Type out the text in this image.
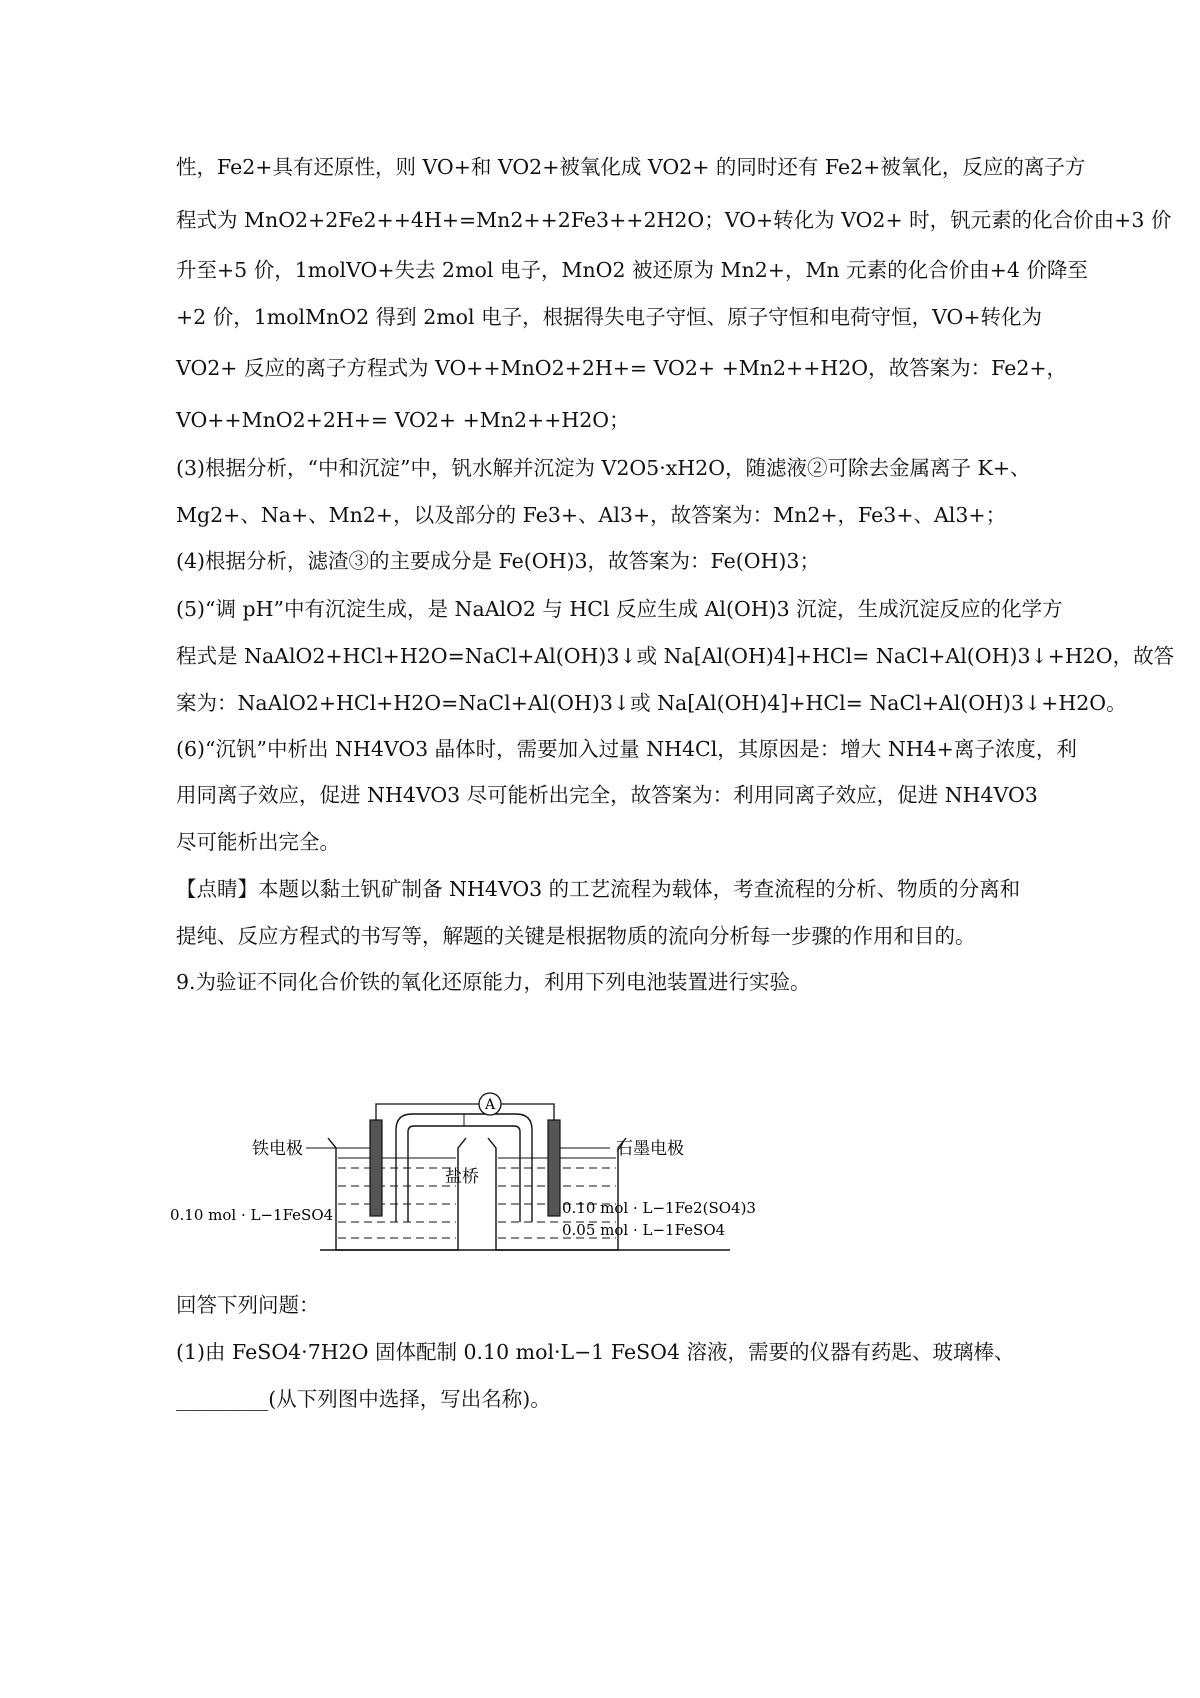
性，Fe2+具有还原性，则 VO+和 VO2+被氧化成 VO2+ 的同时还有 Fe2+被氧化，反应的离子方
程式为 MnO2+2Fe2++4H+=Mn2++2Fe3++2H2O；VO+转化为 VO2+ 时，钒元素的化合价由+3 价
升至+5 价，1molVO+失去 2mol 电子，MnO2 被还原为 Mn2+，Mn 元素的化合价由+4 价降至
+2 价，1molMnO2 得到 2mol 电子，根据得失电子守恒、原子守恒和电荷守恒，VO+转化为
VO2+ 反应的离子方程式为 VO++MnO2+2H+= VO2+ +Mn2++H2O，故答案为：Fe2+，
VO++MnO2+2H+= VO2+ +Mn2++H2O；
(3)根据分析，“中和沉淀”中，钒水解并沉淀为 V2O5·xH2O，随滤液②可除去金属离子 K+、
Mg2+、Na+、Mn2+，以及部分的 Fe3+、Al3+，故答案为：Mn2+，Fe3+、Al3+；
(4)根据分析，滤渣③的主要成分是 Fe(OH)3，故答案为：Fe(OH)3；
(5)“调 pH”中有沉淀生成，是 NaAlO2 与 HCl 反应生成 Al(OH)3 沉淀，生成沉淀反应的化学方
程式是 NaAlO2+HCl+H2O=NaCl+Al(OH)3↓或 Na[Al(OH)4]+HCl= NaCl+Al(OH)3↓+H2O，故答
案为：NaAlO2+HCl+H2O=NaCl+Al(OH)3↓或 Na[Al(OH)4]+HCl= NaCl+Al(OH)3↓+H2O。
(6)“沉钒”中析出 NH4VO3 晶体时，需要加入过量 NH4Cl，其原因是：增大 NH4+离子浓度，利
用同离子效应，促进 NH4VO3 尽可能析出完全，故答案为：利用同离子效应，促进 NH4VO3
尽可能析出完全。
【点睛】本题以黏土钒矿制备 NH4VO3 的工艺流程为载体，考查流程的分析、物质的分离和
提纯、反应方程式的书写等，解题的关键是根据物质的流向分析每一步骤的作用和目的。
9.为验证不同化合价铁的氧化还原能力，利用下列电池装置进行实验。
A
铁电极	石墨电极
盐桥
0.10 mol · L−1FeSO4	0.10 mol · L−1Fe2(SO4)3
0.05 mol · L−1FeSO4
回答下列问题：
(1)由 FeSO4·7H2O 固体配制 0.10 mol·L−1 FeSO4 溶液，需要的仪器有药匙、玻璃棒、
_________(从下列图中选择，写出名称)。
